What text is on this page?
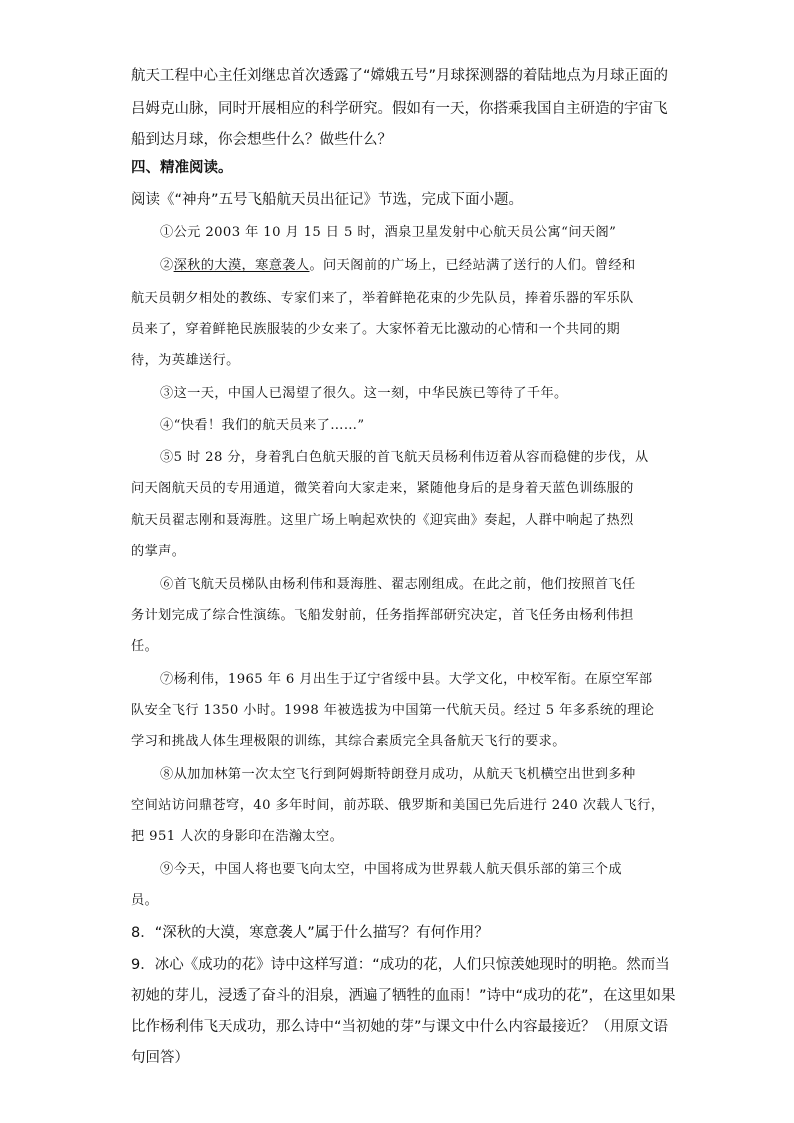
航天工程中心主任刘继忠首次透露了“嫦娥五号”月球探测器的着陆地点为月球正面的
吕姆克山脉，同时开展相应的科学研究。假如有一天，你搭乘我国自主研造的宇宙飞
船到达月球，你会想些什么？做些什么？
四、精准阅读。
阅读《“神舟”五号飞船航天员出征记》节选，完成下面小题。
①公元 2003 年 10 月 15 日 5 时，酒泉卫星发射中心航天员公寓“问天阁”
②深秋的大漠，寒意袭人。问天阁前的广场上，已经站满了送行的人们。曾经和
航天员朝夕相处的教练、专家们来了，举着鲜艳花束的少先队员，捧着乐器的军乐队
员来了，穿着鲜艳民族服装的少女来了。大家怀着无比激动的心情和一个共同的期
待，为英雄送行。
③这一天，中国人已渴望了很久。这一刻，中华民族已等待了千年。
④“快看！我们的航天员来了……”
⑤5 时 28 分，身着乳白色航天服的首飞航天员杨利伟迈着从容而稳健的步伐，从
问天阁航天员的专用通道，微笑着向大家走来，紧随他身后的是身着天蓝色训练服的
航天员翟志刚和聂海胜。这里广场上响起欢快的《迎宾曲》奏起，人群中响起了热烈
的掌声。
⑥首飞航天员梯队由杨利伟和聂海胜、翟志刚组成。在此之前，他们按照首飞任
务计划完成了综合性演练。飞船发射前，任务指挥部研究决定，首飞任务由杨利伟担
任。
⑦杨利伟，1965 年 6 月出生于辽宁省绥中县。大学文化，中校军衔。在原空军部
队安全飞行 1350 小时。1998 年被选拔为中国第一代航天员。经过 5 年多系统的理论
学习和挑战人体生理极限的训练，其综合素质完全具备航天飞行的要求。
⑧从加加林第一次太空飞行到阿姆斯特朗登月成功，从航天飞机横空出世到多种
空间站访问鼎苍穹，40 多年时间，前苏联、俄罗斯和美国已先后进行 240 次载人飞行，
把 951 人次的身影印在浩瀚太空。
⑨今天，中国人将也要飞向太空，中国将成为世界载人航天俱乐部的第三个成
员。
8．“深秋的大漠，寒意袭人”属于什么描写？有何作用？
9．冰心《成功的花》诗中这样写道：“成功的花，人们只惊羡她现时的明艳。然而当
初她的芽儿，浸透了奋斗的泪泉，洒遍了牺牲的血雨！”诗中“成功的花”，在这里如果
比作杨利伟飞天成功，那么诗中“当初她的芽”与课文中什么内容最接近？（用原文语
句回答）
